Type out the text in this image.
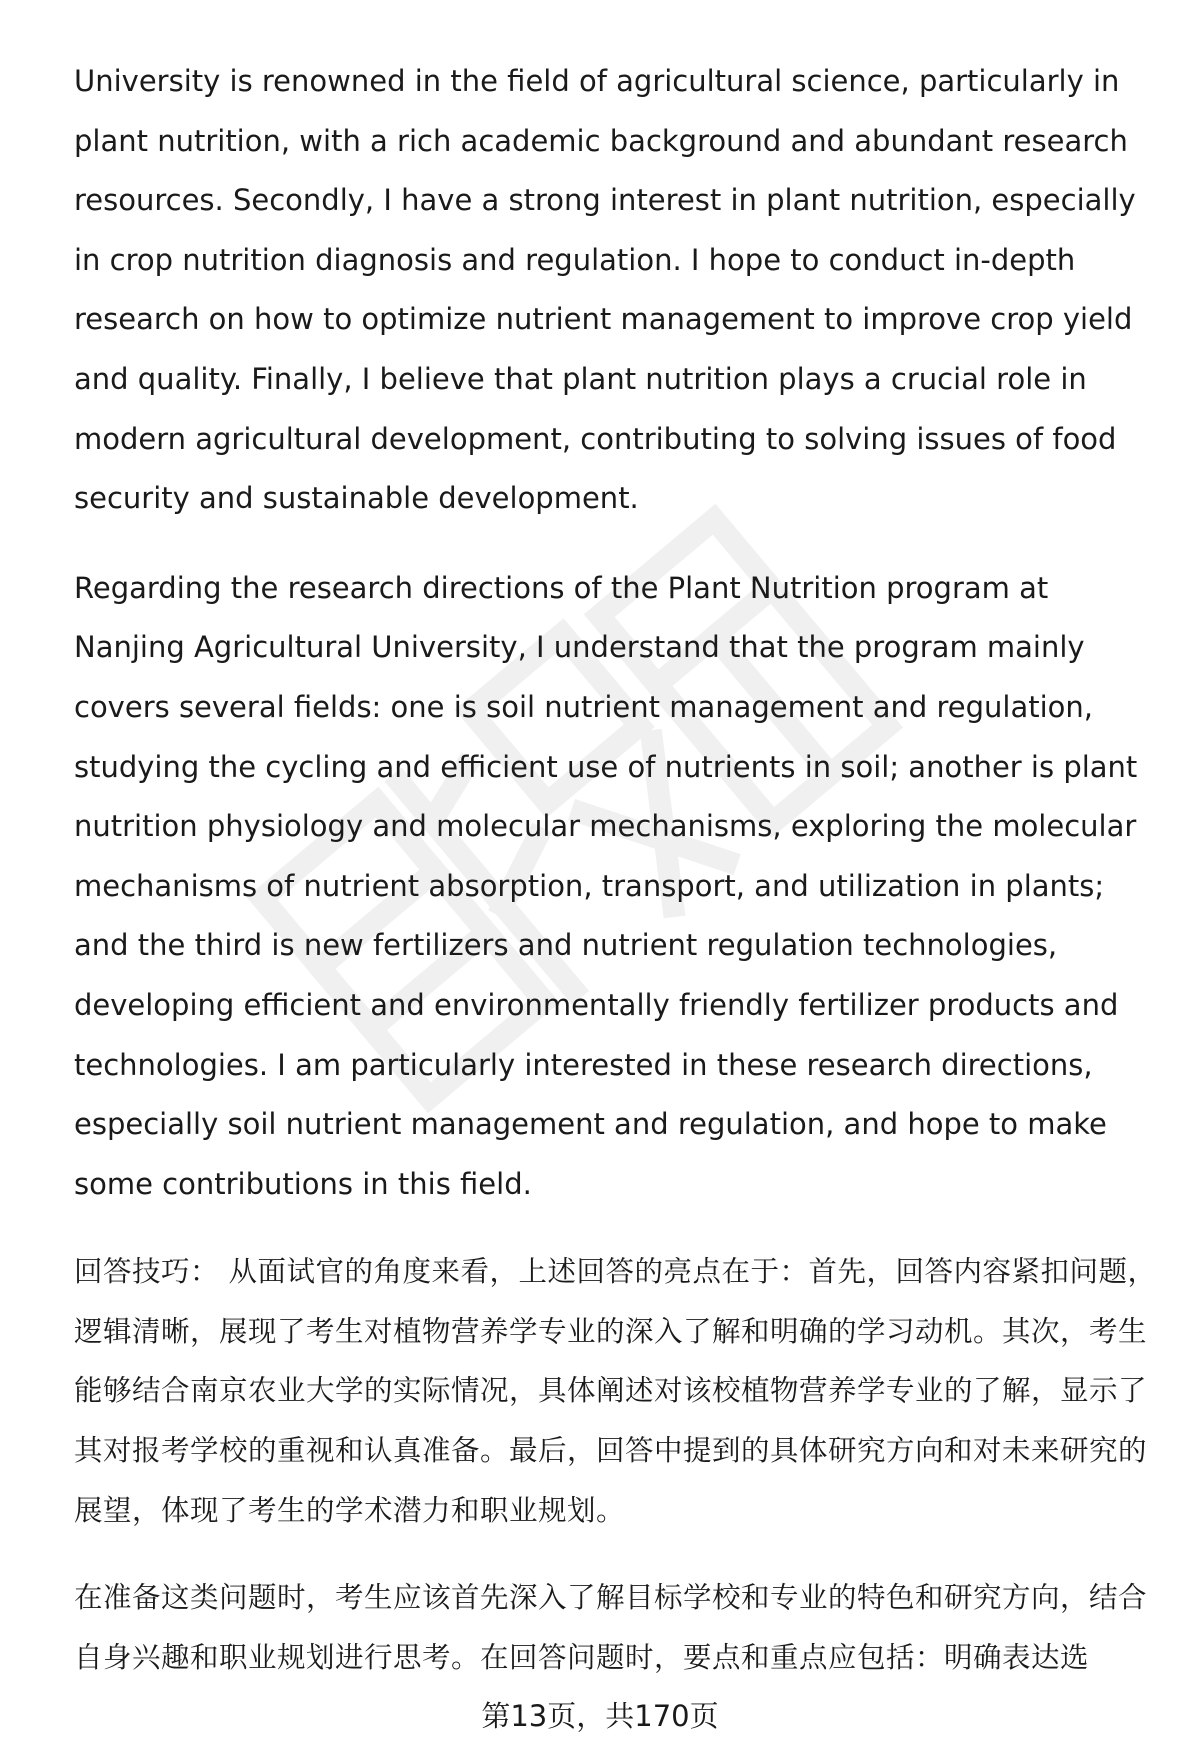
University is renowned in the field of agricultural science, particularly in plant nutrition, with a rich academic background and abundant research resources. Secondly, I have a strong interest in plant nutrition, especially in crop nutrition diagnosis and regulation. I hope to conduct in-depth research on how to optimize nutrient management to improve crop yield and quality. Finally, I believe that plant nutrition plays a crucial role in modern agricultural development, contributing to solving issues of food security and sustainable development.

Regarding the research directions of the Plant Nutrition program at Nanjing Agricultural University, I understand that the program mainly covers several fields: one is soil nutrient management and regulation, studying the cycling and efficient use of nutrients in soil; another is plant nutrition physiology and molecular mechanisms, exploring the molecular mechanisms of nutrient absorption, transport, and utilization in plants; and the third is new fertilizers and nutrient regulation technologies, developing efficient and environmentally friendly fertilizer products and technologies. I am particularly interested in these research directions, especially soil nutrient management and regulation, and hope to make some contributions in this field.

回答技巧： 从面试官的角度来看，上述回答的亮点在于：首先，回答内容紧扣问题，逻辑清晰，展现了考生对植物营养学专业的深入了解和明确的学习动机。其次，考生能够结合南京农业大学的实际情况，具体阐述对该校植物营养学专业的了解，显示了其对报考学校的重视和认真准备。最后，回答中提到的具体研究方向和对未来研究的展望，体现了考生的学术潜力和职业规划。

在准备这类问题时，考生应该首先深入了解目标学校和专业的特色和研究方向，结合自身兴趣和职业规划进行思考。在回答问题时，要点和重点应包括：明确表达选

第13页，共170页
